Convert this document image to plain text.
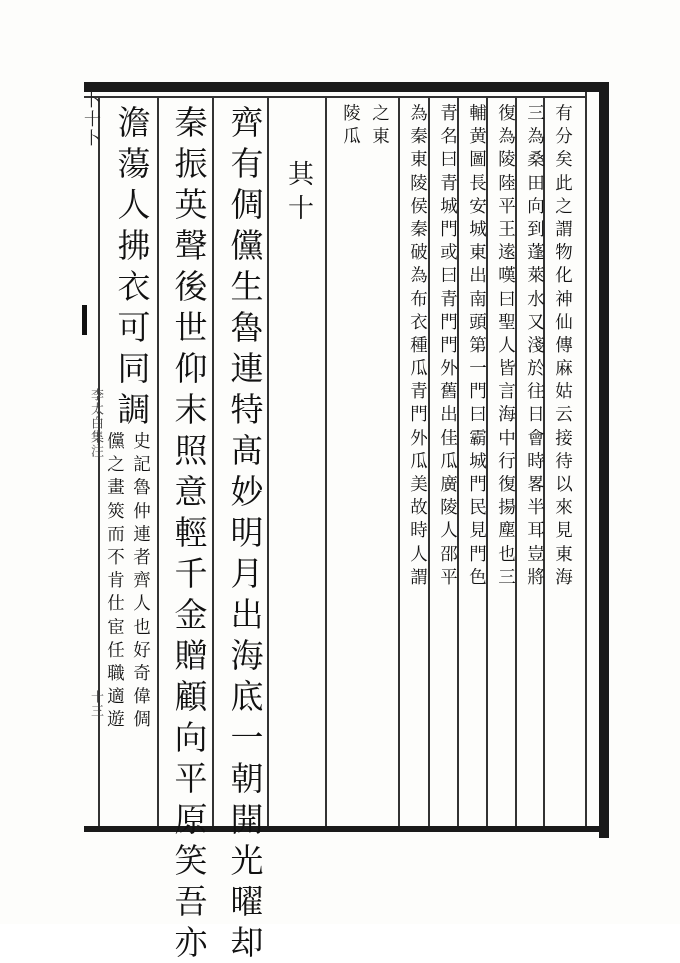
有
分
矣
此
之
謂
物
化
神
仙
傳
麻
姑
云
接
待
以
來
見
東
海
三
為
桑
田
向
到
蓬
萊
水
又
淺
於
往
日
會
時
畧
半
耳
豈
將
復
為
陵
陸
平
王
逺
嘆
曰
聖
人
皆
言
海
中
行
復
揚
塵
也
三
輔
黄
圖
長
安
城
東
出
南
頭
第
一
門
曰
霸
城
門
民
見
門
色
青
名
曰
青
城
門
或
曰
青
門
門
外
舊
出
佳
瓜
廣
陵
人
邵
平
為
秦
東
陵
侯
秦
破
為
布
衣
種
瓜
青
門
外
瓜
美
故
時
人
謂
之
東
陵
瓜
其
十
齊
有
倜
儻
生
魯
連
特
髙
妙
明
月
出
海
底
一
朝
開
光
曜
却
秦
振
英
聲
後
世
仰
末
照
意
輕
千
金
贈
顧
向
平
原
笑
吾
亦
澹
蕩
人
拂
衣
可
同
調
史
記
魯
仲
連
者
齊
人
也
好
奇
偉
倜
儻
之
畫
筴
而
不
肯
仕
宦
任
職
適
遊
卜
十
卜
李太白集注
十三
